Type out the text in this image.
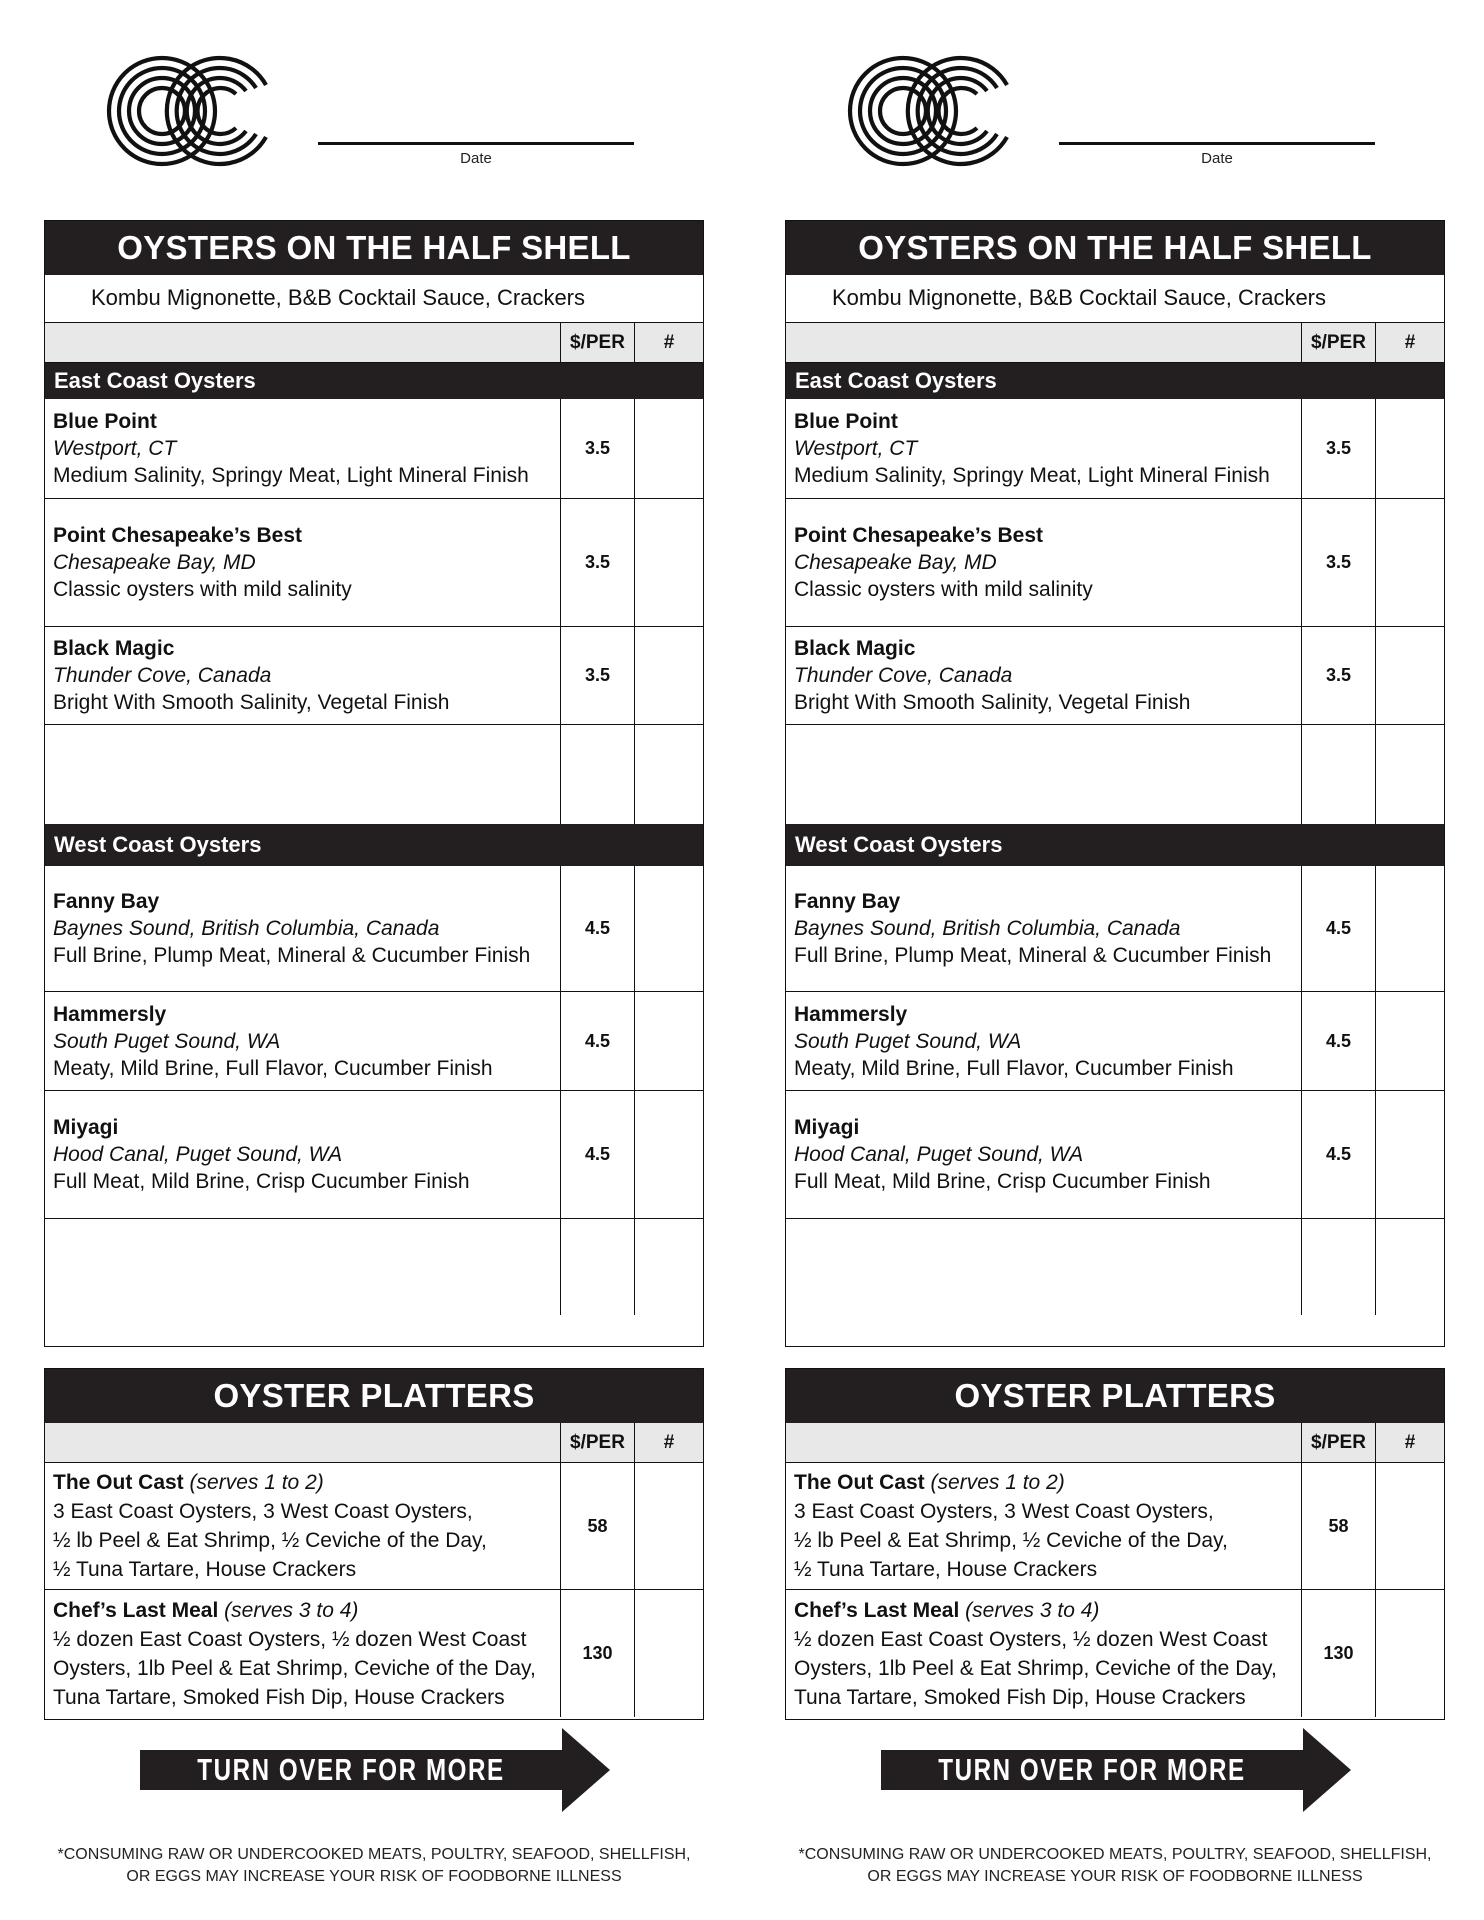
Date
OYSTERS ON THE HALF SHELL
Kombu Mignonette, B&B Cocktail Sauce, Crackers
$/PER	#
East Coast Oysters
Blue Point
Westport, CT
Medium Salinity, Springy Meat, Light Mineral Finish
3.5
Point Chesapeake’s Best
Chesapeake Bay, MD
Classic oysters with mild salinity
3.5
Black Magic
Thunder Cove, Canada
Bright With Smooth Salinity, Vegetal Finish
3.5
West Coast Oysters
Fanny Bay
Baynes Sound, British Columbia, Canada
Full Brine, Plump Meat, Mineral & Cucumber Finish
4.5
Hammersly
South Puget Sound, WA
Meaty, Mild Brine, Full Flavor, Cucumber Finish
4.5
Miyagi
Hood Canal, Puget Sound, WA
Full Meat, Mild Brine, Crisp Cucumber Finish
4.5
OYSTER PLATTERS
$/PER	#
The Out Cast (serves 1 to 2)
3 East Coast Oysters, 3 West Coast Oysters,
½ lb Peel & Eat Shrimp, ½ Ceviche of the Day,
½ Tuna Tartare, House Crackers
58
Chef’s Last Meal (serves 3 to 4)
½ dozen East Coast Oysters, ½ dozen West Coast
Oysters, 1lb Peel & Eat Shrimp, Ceviche of the Day,
Tuna Tartare, Smoked Fish Dip, House Crackers
130
TURN OVER FOR MORE
*CONSUMING RAW OR UNDERCOOKED MEATS, POULTRY, SEAFOOD, SHELLFISH,
OR EGGS MAY INCREASE YOUR RISK OF FOODBORNE ILLNESS
Date
OYSTERS ON THE HALF SHELL
Kombu Mignonette, B&B Cocktail Sauce, Crackers
$/PER	#
East Coast Oysters
Blue Point
Westport, CT
Medium Salinity, Springy Meat, Light Mineral Finish
3.5
Point Chesapeake’s Best
Chesapeake Bay, MD
Classic oysters with mild salinity
3.5
Black Magic
Thunder Cove, Canada
Bright With Smooth Salinity, Vegetal Finish
3.5
West Coast Oysters
Fanny Bay
Baynes Sound, British Columbia, Canada
Full Brine, Plump Meat, Mineral & Cucumber Finish
4.5
Hammersly
South Puget Sound, WA
Meaty, Mild Brine, Full Flavor, Cucumber Finish
4.5
Miyagi
Hood Canal, Puget Sound, WA
Full Meat, Mild Brine, Crisp Cucumber Finish
4.5
OYSTER PLATTERS
$/PER	#
The Out Cast (serves 1 to 2)
3 East Coast Oysters, 3 West Coast Oysters,
½ lb Peel & Eat Shrimp, ½ Ceviche of the Day,
½ Tuna Tartare, House Crackers
58
Chef’s Last Meal (serves 3 to 4)
½ dozen East Coast Oysters, ½ dozen West Coast
Oysters, 1lb Peel & Eat Shrimp, Ceviche of the Day,
Tuna Tartare, Smoked Fish Dip, House Crackers
130
TURN OVER FOR MORE
*CONSUMING RAW OR UNDERCOOKED MEATS, POULTRY, SEAFOOD, SHELLFISH,
OR EGGS MAY INCREASE YOUR RISK OF FOODBORNE ILLNESS
